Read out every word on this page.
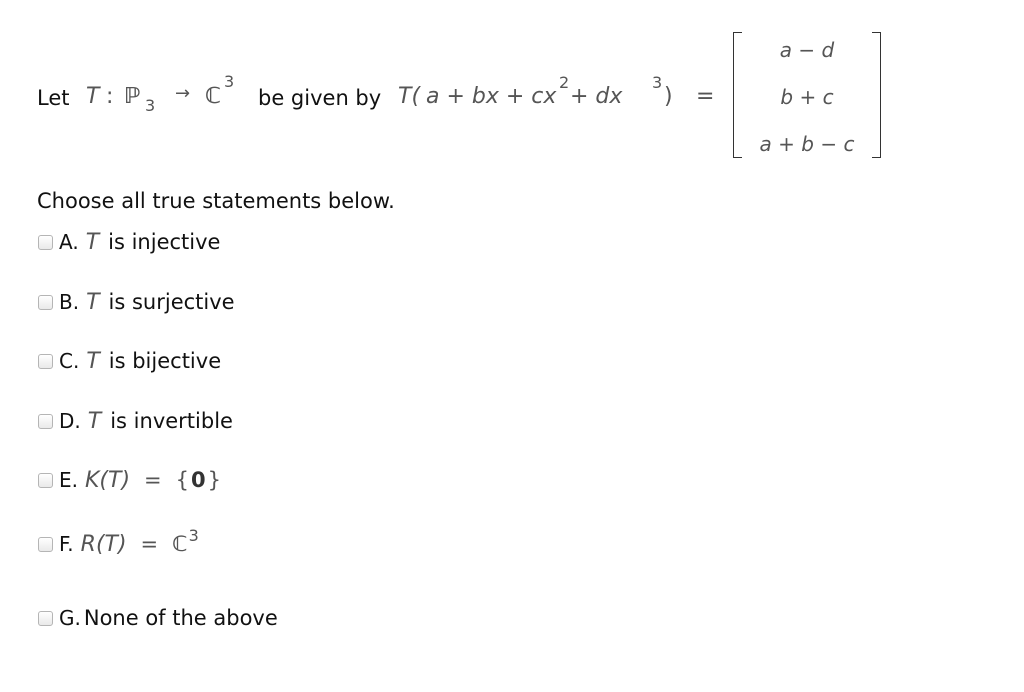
Let T : ℙ 3
→ ℂ
3
be given by T( a + bx + cx
2
+ dx
3
) =
a − d
b + c
a + b − c
Choose all true statements below.
A. T is injective
B. T is surjective
C. T is bijective
D. T is invertible
E. K(T) = { 0 }
F. R(T) = ℂ 3
G. None of the above
